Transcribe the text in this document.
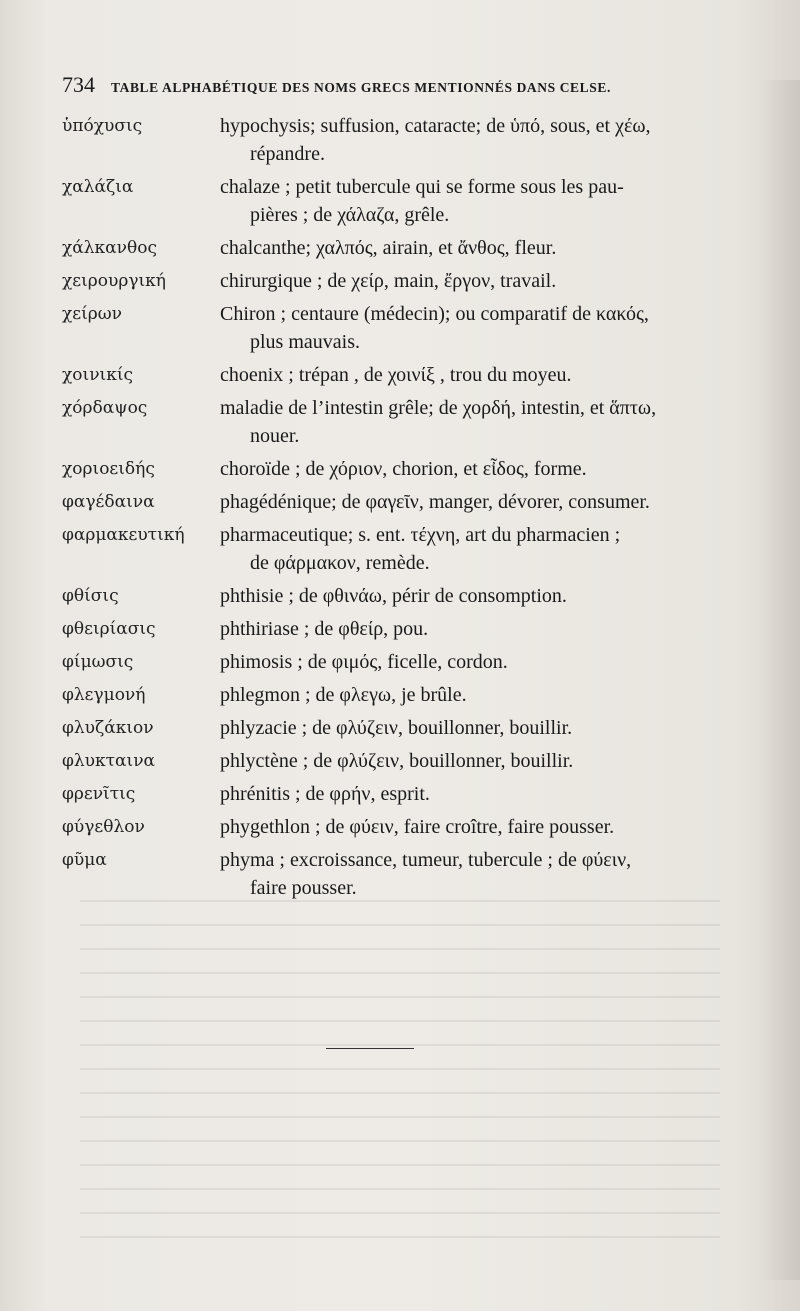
734 TABLE ALPHABÉTIQUE DES NOMS GRECS MENTIONNÉS DANS CELSE.
ὑπόχυσις	hypochysis; suffusion, cataracte; de ὑπό, sous, et χέω,
répandre.
χαλάζια	chalaze ; petit tubercule qui se forme sous les pau-
pières ; de χάλαζα, grêle.
χάλκανθος	chalcanthe; χαλπός, airain, et ἄνθος, fleur.
χειρουργική	chirurgique ; de χείρ, main, ἔργον, travail.
χείρων	Chiron ; centaure (médecin); ou comparatif de κακός,
plus mauvais.
χοινικίς	choenix ; trépan , de χοινίξ , trou du moyeu.
χόρδαψος	maladie de l’intestin grêle; de χορδή, intestin, et ἅπτω,
nouer.
χοριοειδής	choroïde ; de χόριον, chorion, et εἶδος, forme.
φαγέδαινα	phagédénique; de φαγεῖν, manger, dévorer, consumer.
φαρμακευτική	pharmaceutique; s. ent. τέχνη, art du pharmacien ;
de φάρμακον, remède.
φθίσις	phthisie ; de φθινάω, périr de consomption.
φθειρίασις	phthiriase ; de φθείρ, pou.
φίμωσις	phimosis ; de φιμός, ficelle, cordon.
φλεγμονή	phlegmon ; de φλεγω, je brûle.
φλυζάκιον	phlyzacie ; de φλύζειν, bouillonner, bouillir.
φλυκταινα	phlyctène ; de φλύζειν, bouillonner, bouillir.
φρενῖτις	phrénitis ; de φρήν, esprit.
φύγεθλον	phygethlon ; de φύειν, faire croître, faire pousser.
φῦμα	phyma ; excroissance, tumeur, tubercule ; de φύειν,
faire pousser.
